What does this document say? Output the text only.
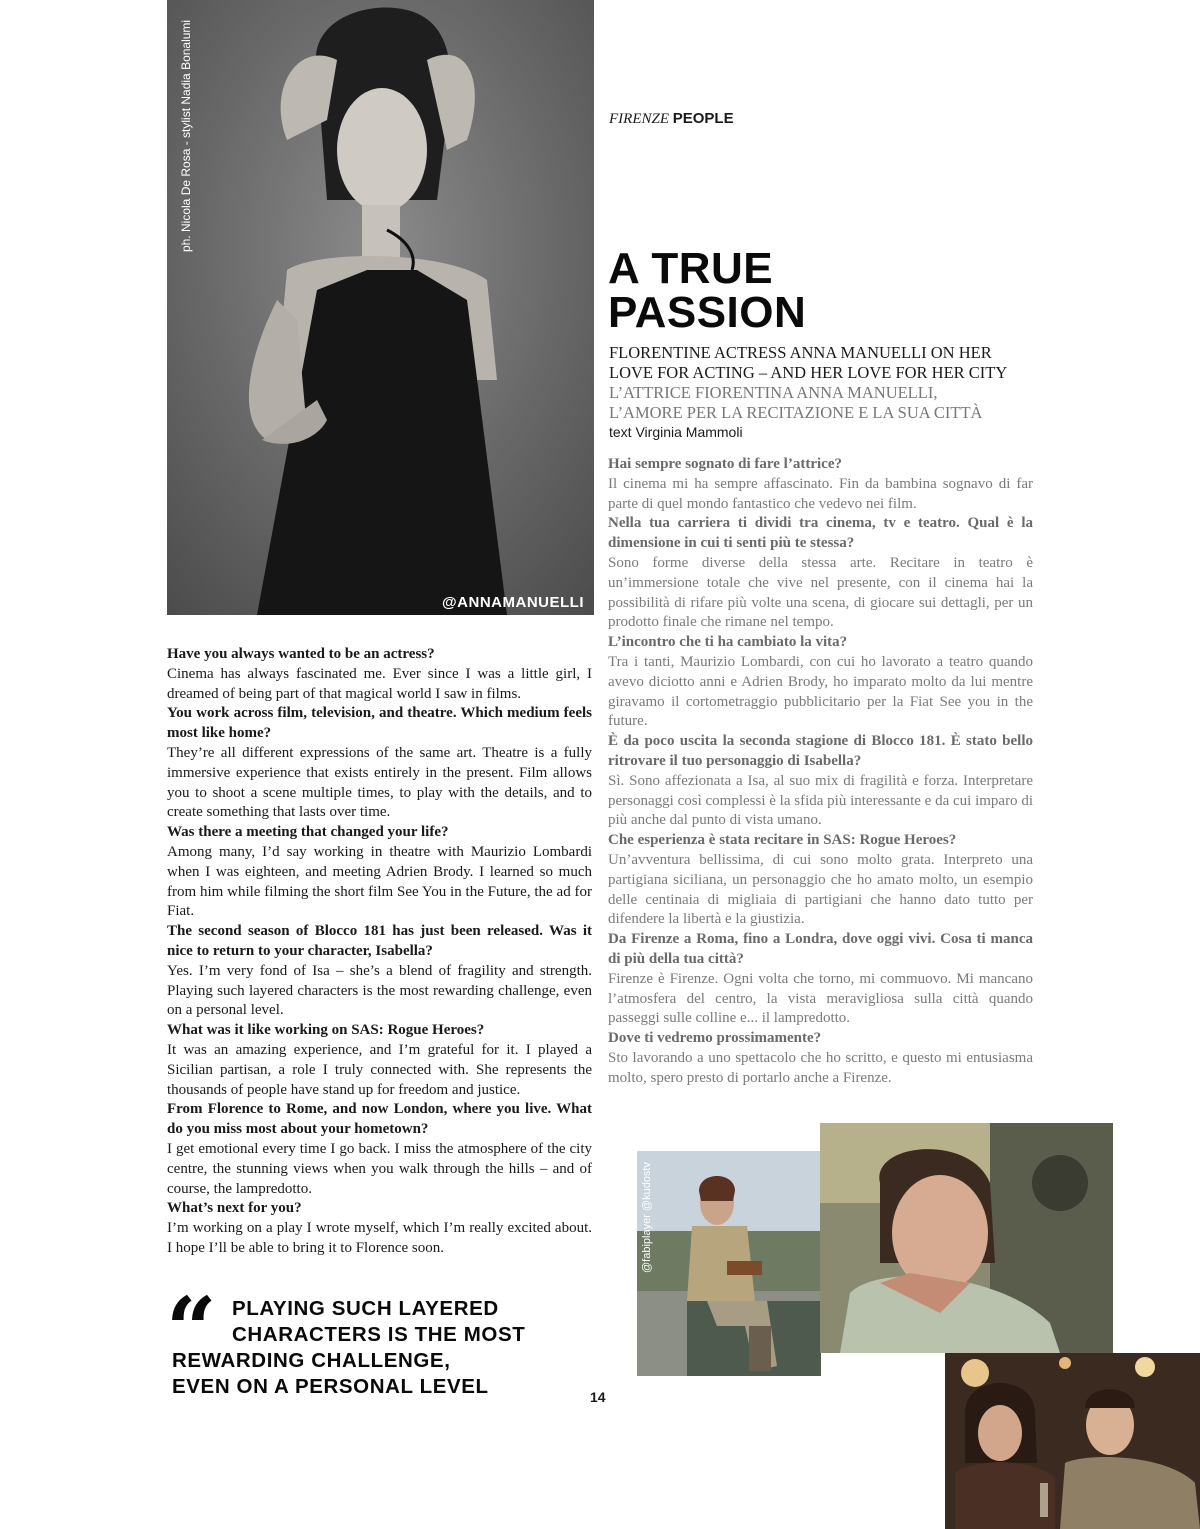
ph. Nicola De Rosa - stylist Nadia Bonalumi
@ANNAMANUELLI
FIRENZE PEOPLE
A TRUE
PASSION
FLORENTINE ACTRESS ANNA MANUELLI ON HER
LOVE FOR ACTING – AND HER LOVE FOR HER CITY
L’ATTRICE FIORENTINA ANNA MANUELLI,
L’AMORE PER LA RECITAZIONE E LA SUA CITTÀ
text Virginia Mammoli

Hai sempre sognato di fare l’attrice?

Il cinema mi ha sempre affascinato. Fin da bambina sognavo di far parte di quel mondo fantastico che vedevo nei film.

Nella tua carriera ti dividi tra cinema, tv e teatro. Qual è la dimensione in cui ti senti più te stessa?

Sono forme diverse della stessa arte. Recitare in teatro è un’immersione totale che vive nel presente, con il cinema hai la possibilità di rifare più volte una scena, di giocare sui dettagli, per un prodotto finale che rimane nel tempo.

L’incontro che ti ha cambiato la vita?

Tra i tanti, Maurizio Lombardi, con cui ho lavorato a teatro quando avevo diciotto anni e Adrien Brody, ho imparato molto da lui mentre giravamo il cortometraggio pubblicitario per la Fiat See you in the future.

È da poco uscita la seconda stagione di Blocco 181. È stato bello ritrovare il tuo personaggio di Isabella?

Sì. Sono affezionata a Isa, al suo mix di fragilità e forza. Interpretare personaggi così complessi è la sfida più interessante e da cui imparo di più anche dal punto di vista umano.

Che esperienza è stata recitare in SAS: Rogue Heroes?

Un’avventura bellissima, di cui sono molto grata. Interpreto una partigiana siciliana, un personaggio che ho amato molto, un esempio delle centinaia di migliaia di partigiani che hanno dato tutto per difendere la libertà e la giustizia.

Da Firenze a Roma, fino a Londra, dove oggi vivi. Cosa ti manca di più della tua città?

Firenze è Firenze. Ogni volta che torno, mi commuovo. Mi mancano l’atmosfera del centro, la vista meravigliosa sulla città quando passeggi sulle colline e... il lampredotto.

Dove ti vedremo prossimamente?

Sto lavorando a uno spettacolo che ho scritto, e questo mi entusiasma molto, spero presto di portarlo anche a Firenze.

Have you always wanted to be an actress?

Cinema has always fascinated me. Ever since I was a little girl, I dreamed of being part of that magical world I saw in films.

You work across film, television, and theatre. Which medium feels most like home?

They’re all different expressions of the same art. Theatre is a fully immersive experience that exists entirely in the present. Film allows you to shoot a scene multiple times, to play with the details, and to create something that lasts over time.

Was there a meeting that changed your life?

Among many, I’d say working in theatre with Maurizio Lombardi when I was eighteen, and meeting Adrien Brody. I learned so much from him while filming the short film See You in the Future, the ad for Fiat.

The second season of Blocco 181 has just been released. Was it nice to return to your character, Isabella?

Yes. I’m very fond of Isa – she’s a blend of fragility and strength. Playing such layered characters is the most rewarding challenge, even on a personal level.

What was it like working on SAS: Rogue Heroes?

It was an amazing experience, and I’m grateful for it. I played a Sicilian partisan, a role I truly connected with. She represents the thousands of people have stand up for freedom and justice.

From Florence to Rome, and now London, where you live. What do you miss most about your hometown?

I get emotional every time I go back. I miss the atmosphere of the city centre, the stunning views when you walk through the hills – and of course, the lampredotto.

What’s next for you?

I’m working on a play I wrote myself, which I’m really excited about. I hope I’ll be able to bring it to Florence soon.

“ PLAYING SUCH LAYERED
CHARACTERS IS THE MOST
REWARDING CHALLENGE,
EVEN ON A PERSONAL LEVEL	14
@fabiplayer @kudostv
